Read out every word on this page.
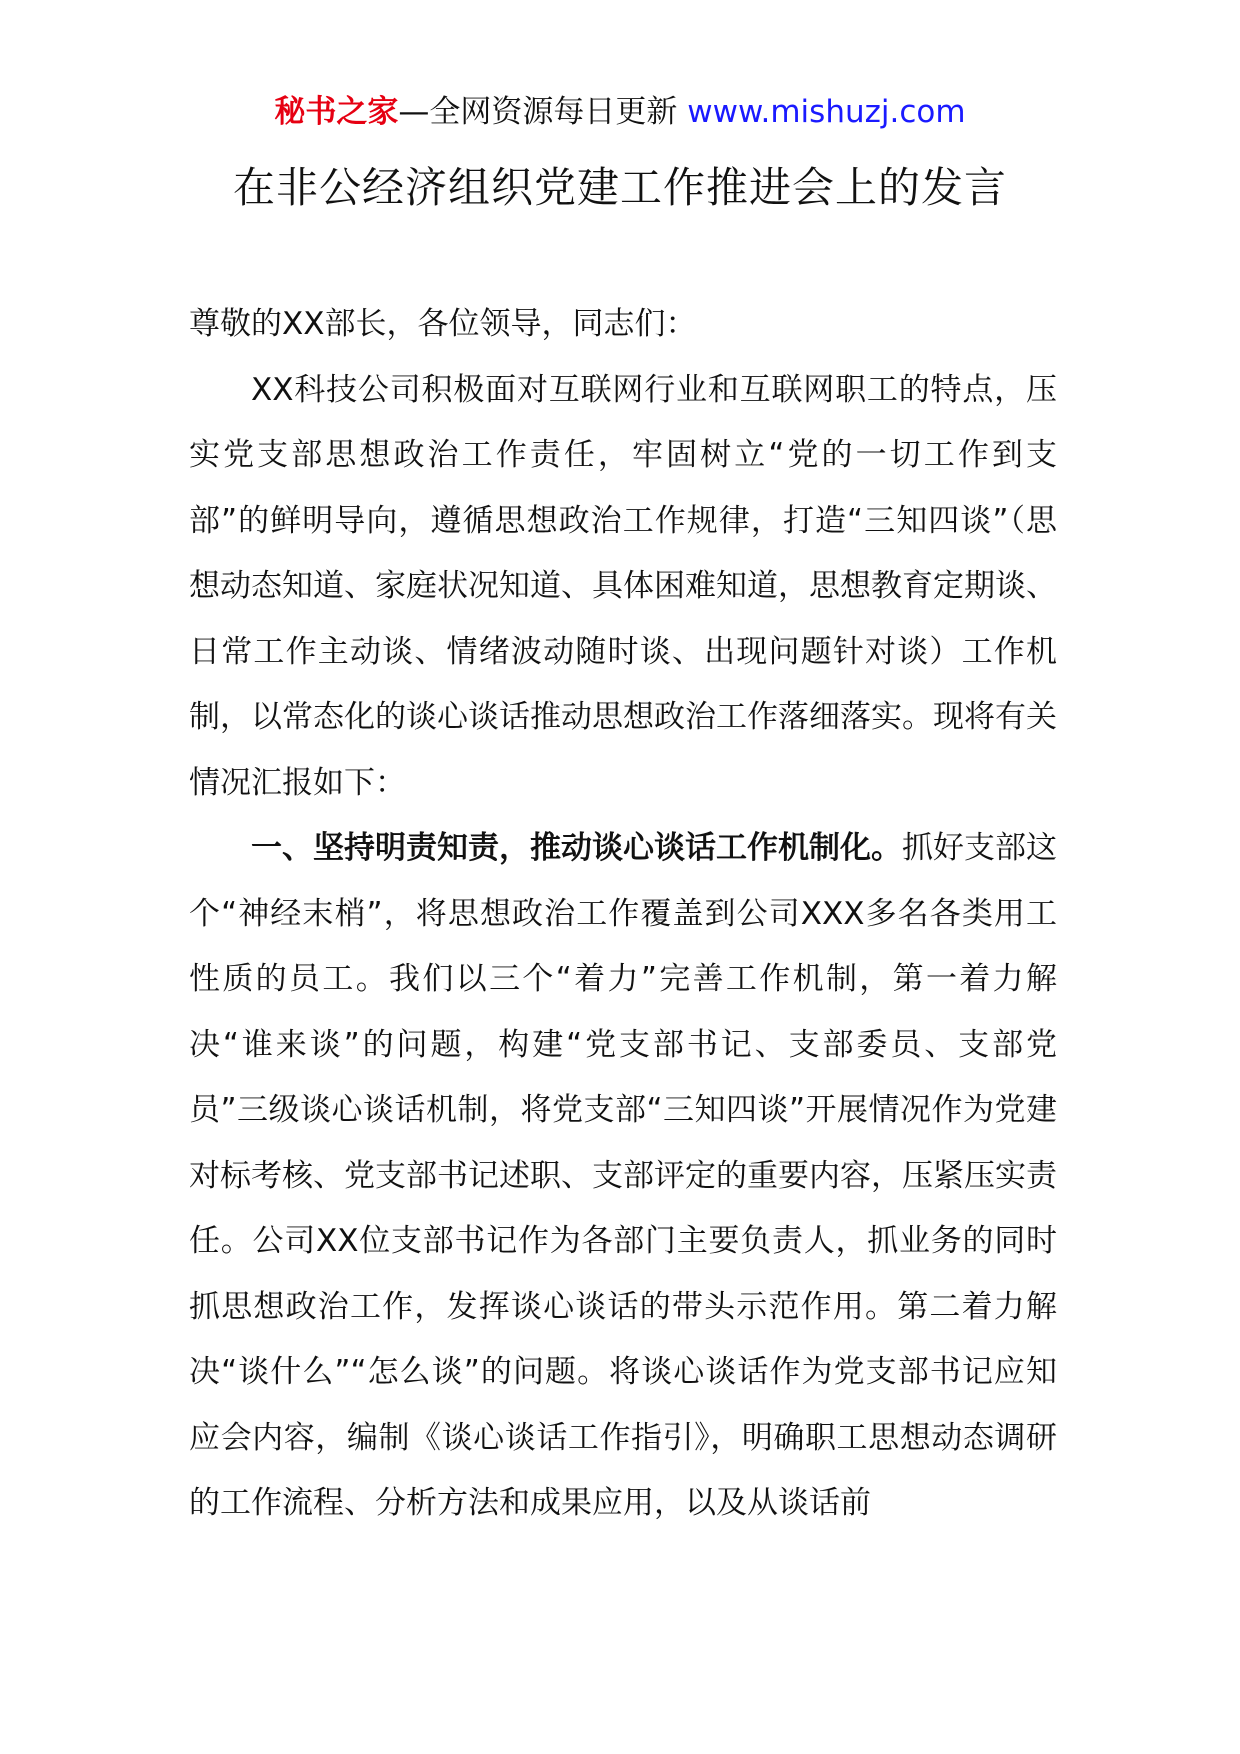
秘书之家—全网资源每日更新 www.mishuzj.com
在非公经济组织党建工作推进会上的发言

尊敬的XX部长，各位领导，同志们：

XX科技公司积极面对互联网行业和互联网职工的特点，压实党支部思想政治工作责任，牢固树立“党的一切工作到支部”的鲜明导向，遵循思想政治工作规律，打造“三知四谈”（思想动态知道、家庭状况知道、具体困难知道，思想教育定期谈、日常工作主动谈、情绪波动随时谈、出现问题针对谈）工作机制，以常态化的谈心谈话推动思想政治工作落细落实。现将有关情况汇报如下：

一、坚持明责知责，推动谈心谈话工作机制化。抓好支部这个“神经末梢”，将思想政治工作覆盖到公司XXX多名各类用工性质的员工。我们以三个“着力”完善工作机制，第一着力解决“谁来谈”的问题，构建“党支部书记、支部委员、支部党员”三级谈心谈话机制，将党支部“三知四谈”开展情况作为党建对标考核、党支部书记述职、支部评定的重要内容，压紧压实责任。公司XX位支部书记作为各部门主要负责人，抓业务的同时抓思想政治工作，发挥谈心谈话的带头示范作用。第二着力解决“谈什么”“怎么谈”的问题。将谈心谈话作为党支部书记应知应会内容，编制《谈心谈话工作指引》，明确职工思想动态调研的工作流程、分析方法和成果应用，以及从谈话前
